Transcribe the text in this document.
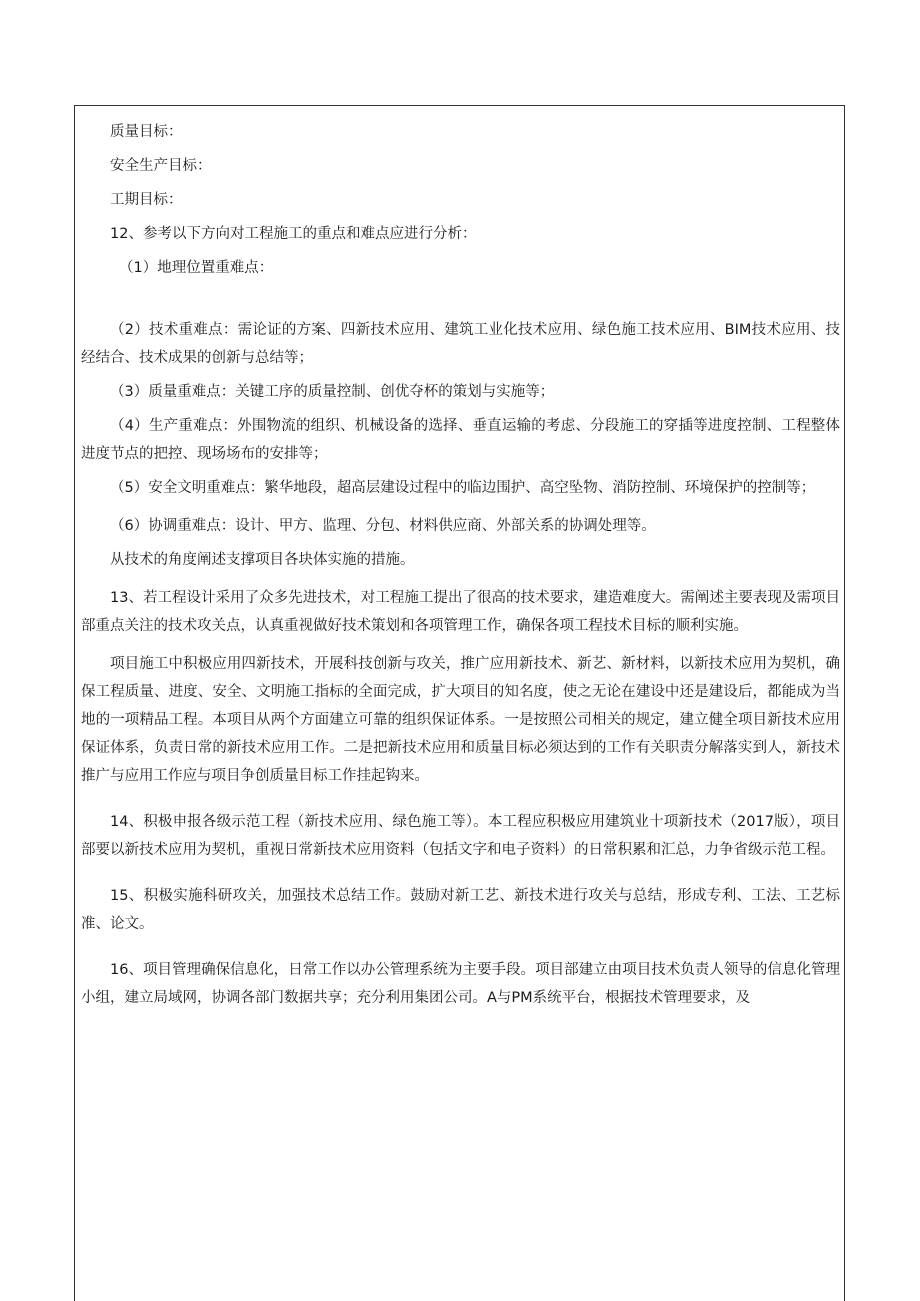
质量目标：
安全生产目标：
工期目标：
12、参考以下方向对工程施工的重点和难点应进行分析：
（1）地理位置重难点：

（2）技术重难点：需论证的方案、四新技术应用、建筑工业化技术应用、绿色施工技术应用、BIM技术应用、技经结合、技术成果的创新与总结等；

（3）质量重难点：关键工序的质量控制、创优夺杯的策划与实施等；

（4）生产重难点：外围物流的组织、机械设备的选择、垂直运输的考虑、分段施工的穿插等进度控制、工程整体进度节点的把控、现场场布的安排等；

（5）安全文明重难点：繁华地段，超高层建设过程中的临边围护、高空坠物、消防控制、环境保护的控制等；

（6）协调重难点：设计、甲方、监理、分包、材料供应商、外部关系的协调处理等。

从技术的角度阐述支撑项目各块体实施的措施。

13、若工程设计采用了众多先进技术，对工程施工提出了很高的技术要求，建造难度大。需阐述主要表现及需项目部重点关注的技术攻关点，认真重视做好技术策划和各项管理工作，确保各项工程技术目标的顺利实施。

项目施工中积极应用四新技术，开展科技创新与攻关，推广应用新技术、新艺、新材料，以新技术应用为契机，确保工程质量、进度、安全、文明施工指标的全面完成，扩大项目的知名度，使之无论在建设中还是建设后，都能成为当地的一项精品工程。本项目从两个方面建立可靠的组织保证体系。一是按照公司相关的规定，建立健全项目新技术应用保证体系，负责日常的新技术应用工作。二是把新技术应用和质量目标必须达到的工作有关职责分解落实到人，新技术推广与应用工作应与项目争创质量目标工作挂起钩来。

14、积极申报各级示范工程（新技术应用、绿色施工等）。本工程应积极应用建筑业十项新技术（2017版），项目部要以新技术应用为契机，重视日常新技术应用资料（包括文字和电子资料）的日常积累和汇总，力争省级示范工程。

15、积极实施科研攻关，加强技术总结工作。鼓励对新工艺、新技术进行攻关与总结，形成专利、工法、工艺标准、论文。

16、项目管理确保信息化，日常工作以办公管理系统为主要手段。项目部建立由项目技术负责人领导的信息化管理小组，建立局域网，协调各部门数据共享；充分利用集团公司。A与PM系统平台，根据技术管理要求，及
